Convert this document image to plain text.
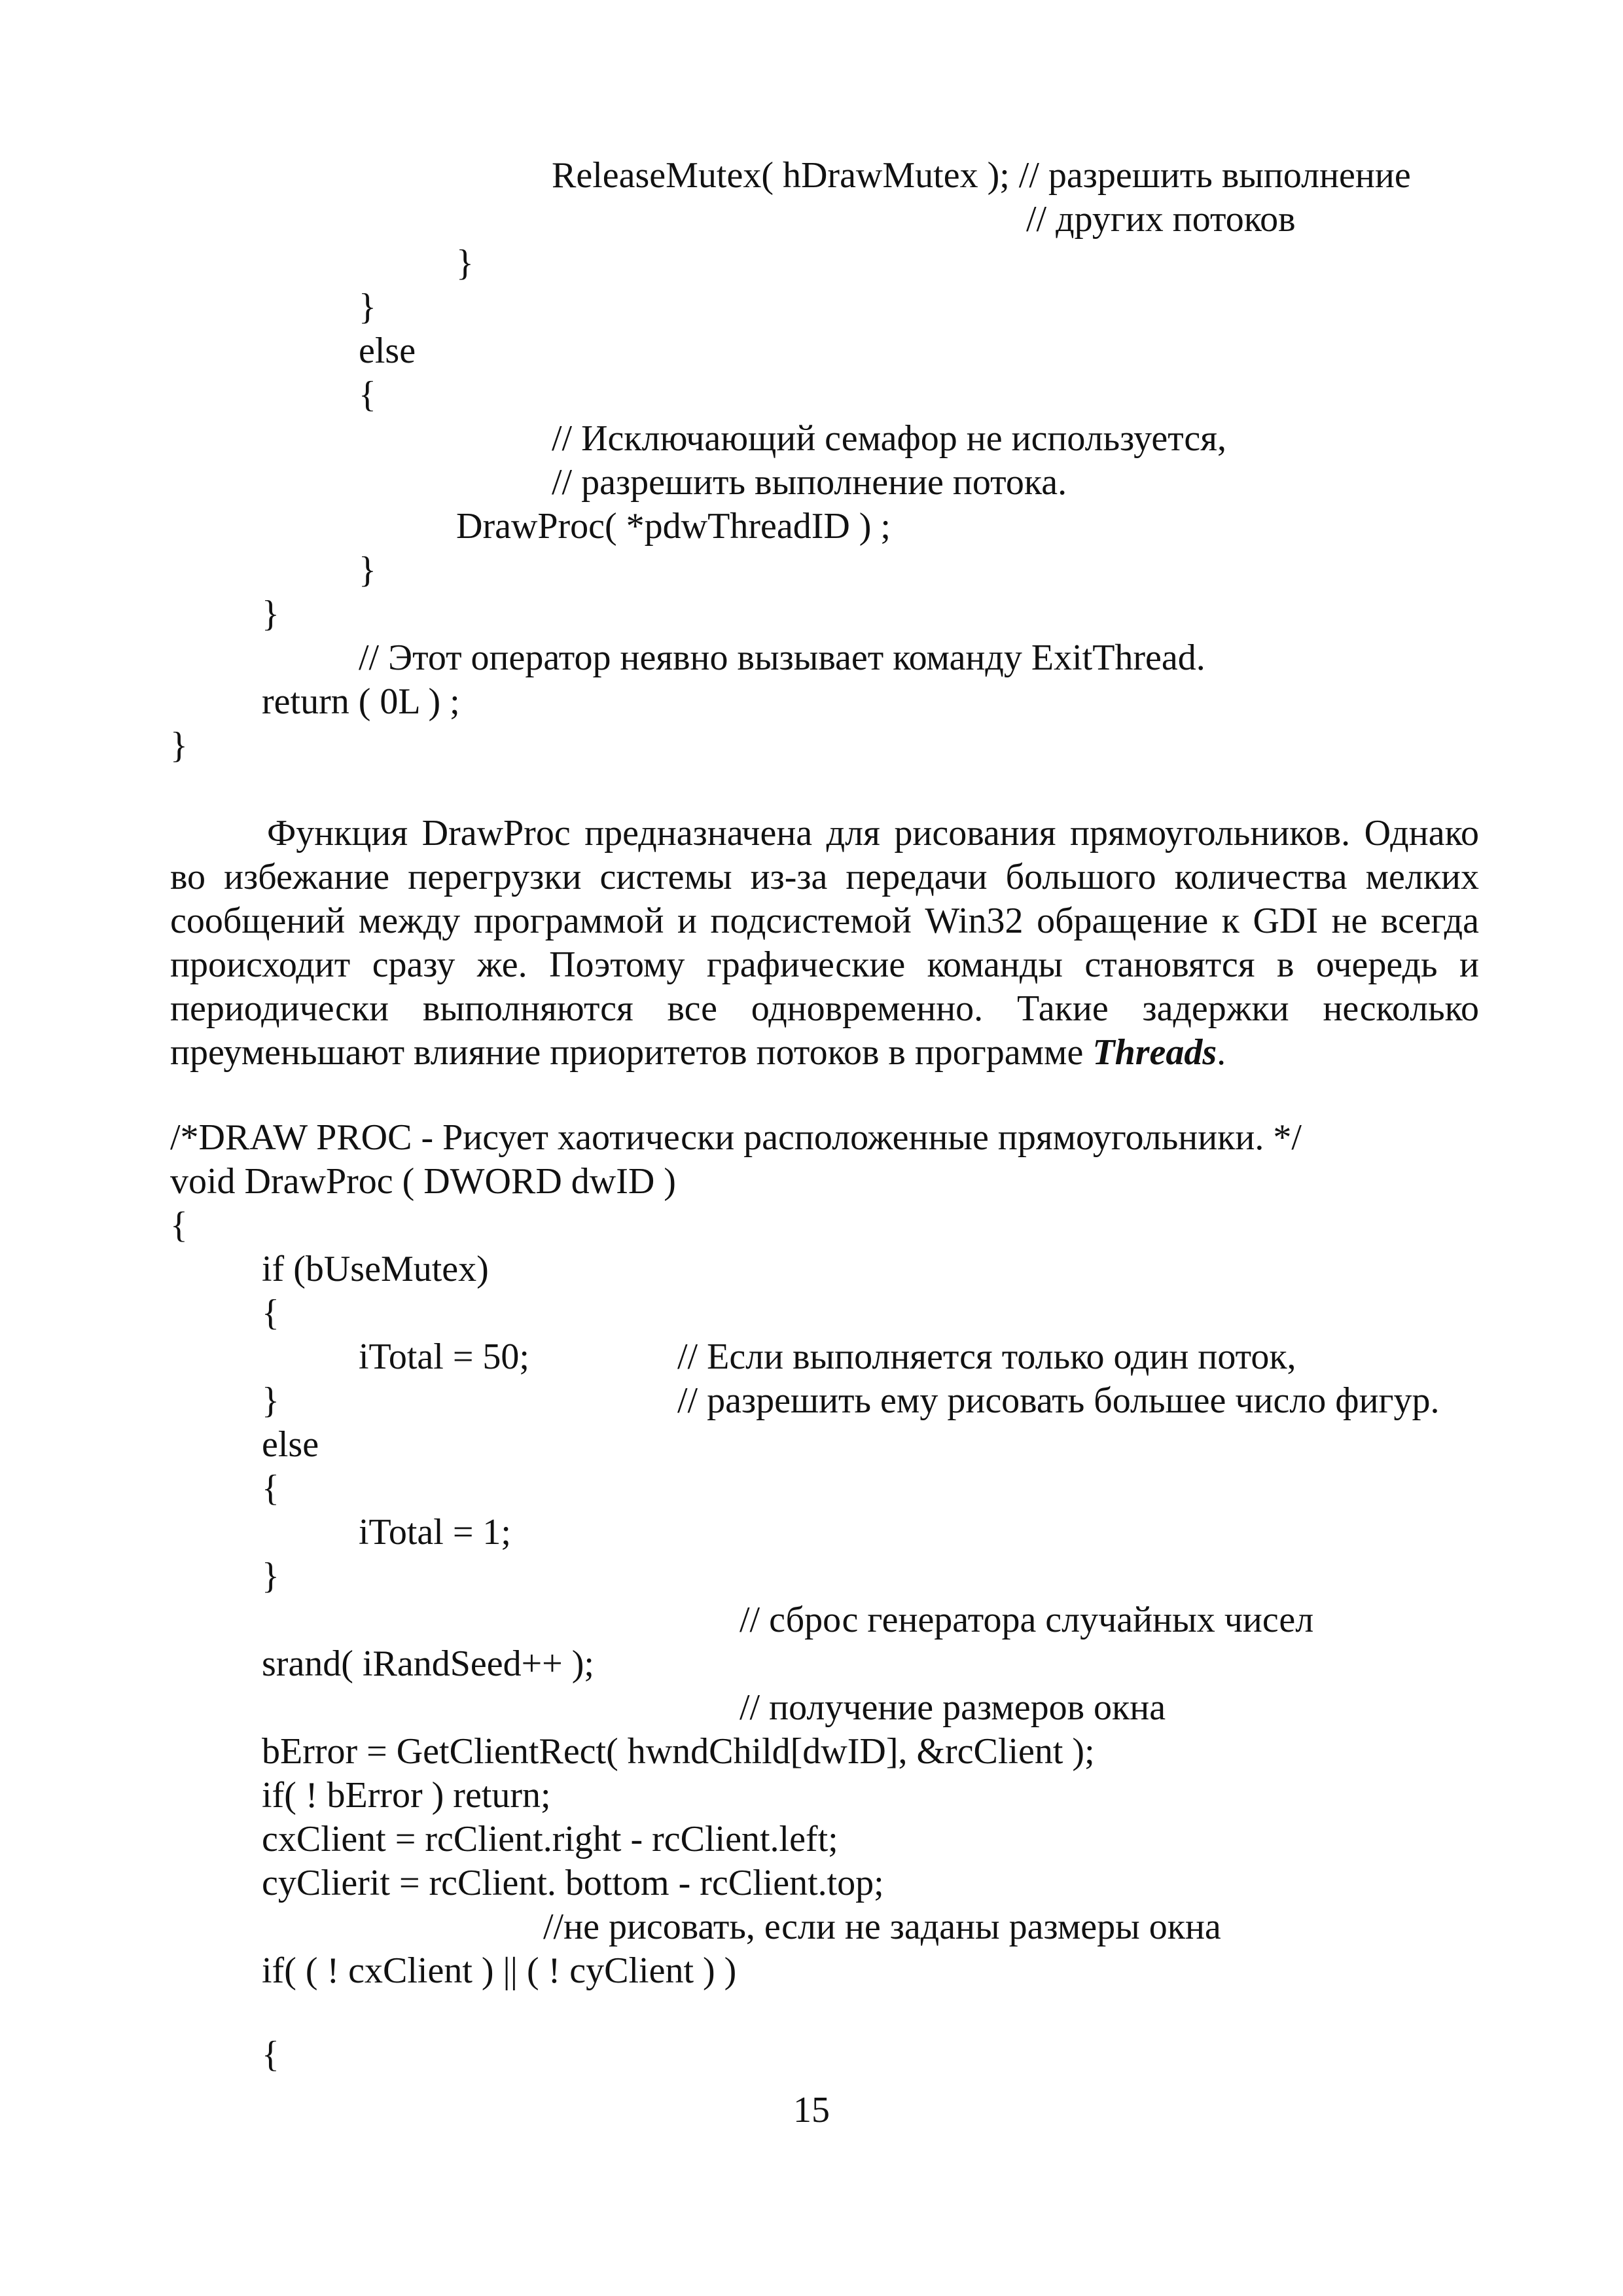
ReleaseMutex( hDrawMutex ); // разрешить выполнение

// других потоков

}

}

else

{

// Исключающий семафор не используется,

// разрешить выполнение потока.

DrawProc( *pdwThreadID ) ;

}

}

// Этот оператор неявно вызывает команду ExitThread.

return ( 0L ) ;

}

Функция DrawProc предназначена для рисования прямоугольников. Однако во избежание перегрузки системы из-за передачи большого количества мелких сообщений между программой и подсистемой Win32 обращение к GDI не всегда происходит сразу же. Поэтому графические команды становятся в очередь и периодически выполняются все одновременно. Такие задержки несколько преуменьшают влияние приоритетов потоков в программе Threads.

/*DRAW PROC - Рисует хаотически расположенные прямоугольники. */

void DrawProc ( DWORD dwID )

{

if (bUseMutex)

{

iTotal = 50;	// Если выполняется только один поток,

}	// разрешить ему рисовать большее число фигур.

else

{

iTotal = 1;

}

// сброс генератора случайных чисел

srand( iRandSeed++ );

// получение размеров окна

bError = GetClientRect( hwndChild[dwID], &rcClient );

if( ! bError ) return;

cxClient = rcClient.right - rcClient.left;

cyClierit = rcClient. bottom - rcClient.top;

//не рисовать, если не заданы размеры окна

if( ( ! cxClient ) || ( ! cyClient ) )

{

15
